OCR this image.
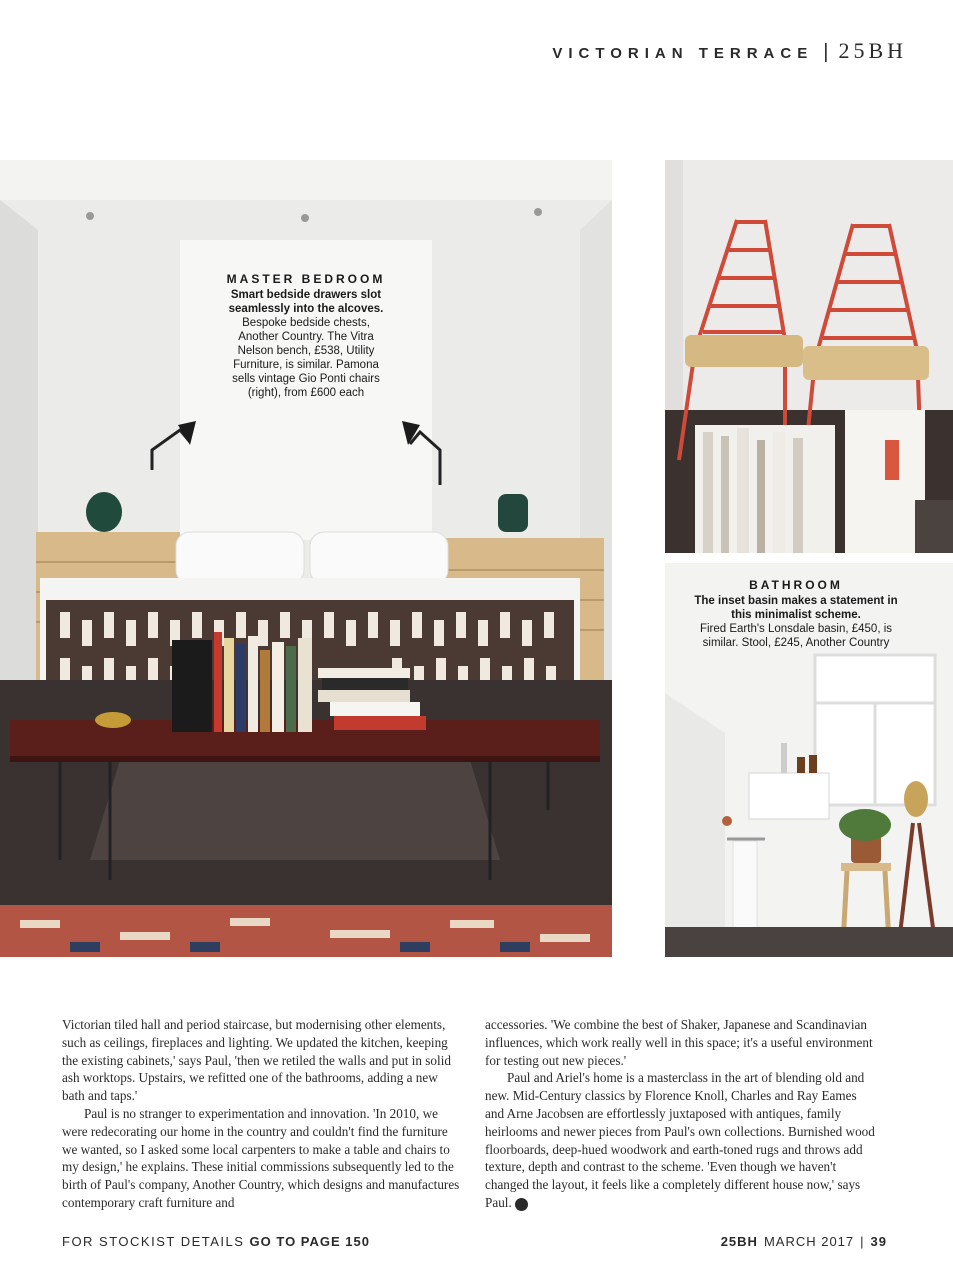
VICTORIAN TERRACE | 25BH
MASTER BEDROOM
Smart bedside drawers slot seamlessly into the alcoves.
Bespoke bedside chests, Another Country. The Vitra Nelson bench, £538, Utility Furniture, is similar. Pamona sells vintage Gio Ponti chairs (right), from £600 each
BATHROOM
The inset basin makes a statement in this minimalist scheme.
Fired Earth's Lonsdale basin, £450, is similar. Stool, £245, Another Country

Victorian tiled hall and period staircase, but modernising other elements, such as ceilings, fireplaces and lighting. We updated the kitchen, keeping the existing cabinets,' says Paul, 'then we retiled the walls and put in solid ash worktops. Upstairs, we refitted one of the bathrooms, adding a new bath and taps.'

Paul is no stranger to experimentation and innovation. 'In 2010, we were redecorating our home in the country and couldn't find the furniture we wanted, so I asked some local carpenters to make a table and chairs to my design,' he explains. These initial commissions subsequently led to the birth of Paul's company, Another Country, which designs and manufactures contemporary craft furniture and

accessories. 'We combine the best of Shaker, Japanese and Scandinavian influences, which work really well in this space; it's a useful environment for testing out new pieces.'

Paul and Ariel's home is a masterclass in the art of blending old and new. Mid-Century classics by Florence Knoll, Charles and Ray Eames and Arne Jacobsen are effortlessly juxtaposed with antiques, family heirlooms and newer pieces from Paul's own collections. Burnished wood floorboards, deep-hued woodwork and earth-toned rugs and throws add texture, depth and contrast to the scheme. 'Even though we haven't changed the layout, it feels like a completely different house now,' says Paul.	25

FOR STOCKIST DETAILS GO TO PAGE 150	25BH MARCH 2017 | 39
